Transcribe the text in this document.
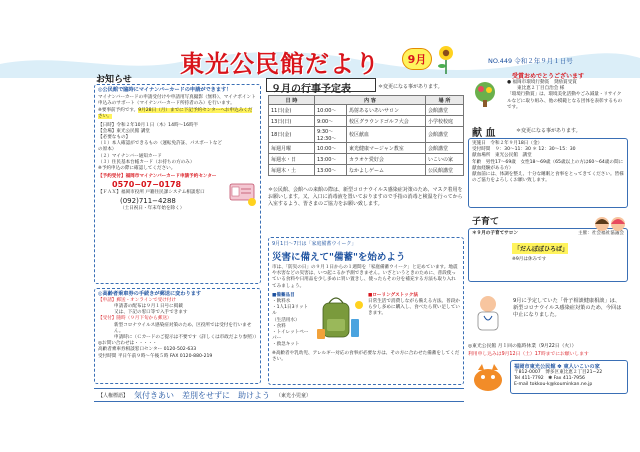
東光公民館だより	9月	NO.449 令和２年９月１日号
お知らせ
◎公民館で臨時にマイナンバーカードの申請ができます！
マイナンバーカードの申請受付けや申請用写真撮影（無料）、マイナポイント申込みのサポート（マイナンバーカード所持者のみ）を行います。
※要事前予約です。9月28日（月）までに下記予約センターへお申込みください。
【日時】令和２年10月１日（木）14時〜16時半
【会場】東光公民館 講堂
【必要なもの】
（１）本人確認ができるもの（運転免許証、パスポートなどの原本）
（２）マイナンバー通知カード
（３）住民基本台帳カード（お持ちの方のみ）
※予約申込の際に確認してください。
【予約受付】福岡市マイナンバーカード申請予約センター
0570−07−0178
【ＦＡＸ】福岡市役所 戸籍住民課システム相談窓口
(092)711−4288
（土日祝日・年末年始を除く）
◎高齢者乗車券の手続きが郵送に変わります
【申請】郵送・オンラインで受け付け
申請書の配布は９月１日号に掲載
又は、下記の窓口等で入手できます
【受付】随時（９月下旬から郵送）
新型コロナウイルス感染症対策のため、区役所では受付を行いません。
申請時に（Ｃカードのご提示は不要です（詳しくは市政だより参照））
◎お問い合わせは・・・・・
高齢者乗車券相談窓口センター 0120-502-633
受付時間 平日午前９時〜午後５時 FAX 0120-880-219
９月の行事予定表	＊変更になる事があります。
日 時	内 容		場 所
11日(金)	10:00〜	馬射あるいあいサロン	会館講堂
13日(日)	9:00〜	校区グラウンドゴルフ大会	小学校校庭
18日(金)	9:30〜 12:30〜	校区献血	会館講堂
毎週月曜	10:00〜	東光健康マージャン教室	会館講堂
毎週水・日	13:00〜	カラオケ愛好会	いこいの家
毎週木・土	13:00〜	なかよしゲーム	公民館講堂
＊公民館、会館への来館の際は、新型コロナウイルス感染症対策のため、マスク着用をお願いします。又、入口に消毒液を置いておりますので手指の消毒と検温を行ってから入室するよう、皆さまのご協力をお願い致します。
9月1日〜7日は「家庭備蓄ウイーク」
災害に備えて"備蓄"を始めよう
市は、「防災の日」の９月１日からの１週間を「家庭備蓄ウイーク」と定めています。地震や水害などの災害は、いつ起こるか予測できません。いざというときのために、普段使っている食料や日用品を少し多めに買い置きし、使ったらその分を補充する方法も取り入れてみましょう。
■備蓄品目
・飲料水
・1人1日3リットル
（生活用水）
・食料
・トイレットペーパー
・救急キット
■ローリングストック法
日常生活で消費しながら備える方法。普段から少し多めに購入し、食べたら買い足していきます。
※高齢者や乳幼児、アレルギー対応の食事が必要な方は、その方に合わせた備蓄をしてください。
受賞おめでとうございます
● 福岡市環境行動賞　奨励賞受賞
東比恵２丁目自治会 様
「環境行動賞」は、環境美化活動やごみ減量・リサイクルなどに取り組み、他の模範となる団体を表彰するものです。
献 血	＊変更になる事があります。
実施日　令和２年９月18日（金）
受付時間　９：30〜11：30 ＊ 12：30〜15：30
献血場所　東光公民館　講堂
年齢　男性17〜69歳　女性18〜69歳（65歳以上の方は60〜64歳の間に献血経験がある方）
献血前には、体調を整え、十分な睡眠と食事をとってきてください。皆様のご協力をよろしくお願い致します。
子育て
＊９月の子育てサロン	主催：社会福祉協議会
「だんぼぼひろば」
※9月は休みです
9月に予定していた「骨子相談健康相談」は、新型コロナウイルス感染症対策のため、今回は中止になりました。
◎東光公民館 月１回の臨時休業（9月22日（火））
利用申し込みは9月12日（土）17時までにお願いします
福岡市東光公民館 ✽ 東人いこいの家
〒812-0007　博多区東比恵２丁目21−22
Tel 411-7792　✽ Fax 411-7956
E-mail tokkou-k@kouminkan.ne.jp
【人権標語】 気付きあい　差別をせずに　助けよう （東光小児童）
